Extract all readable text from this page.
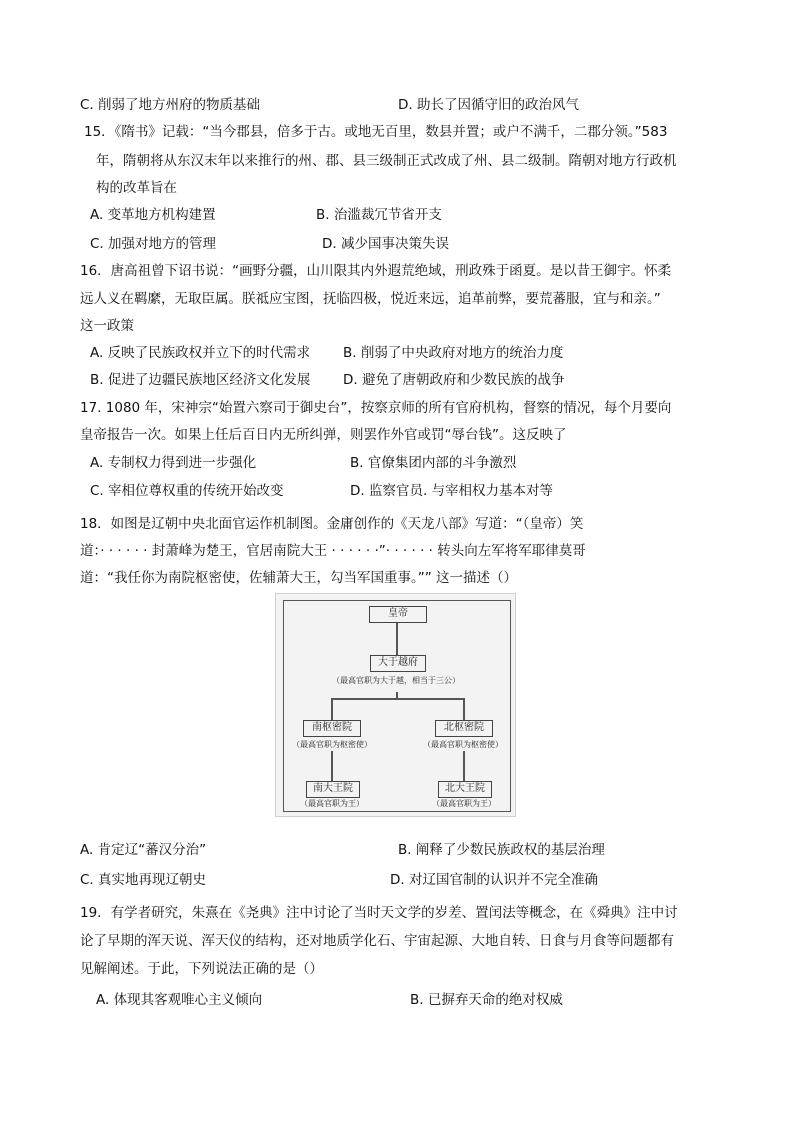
C. 削弱了地方州府的物质基础	D. 助长了因循守旧的政治风气
15．《隋书》记载：“当今郡县，倍多于古。或地无百里，数县并置；或户不满千，二郡分领。”583
年，隋朝将从东汉末年以来推行的州、郡、县三级制正式改成了州、县二级制。隋朝对地方行政机
构的改革旨在
A. 变革地方机构建置	B. 治滥裁冗节省开支
C. 加强对地方的管理	D. 减少国事决策失误
16．唐高祖曾下诏书说：“画野分疆，山川限其内外遐荒绝域，刑政殊于函夏。是以昔王御宇。怀柔
远人义在羁縻，无取臣属。朕祗应宝图，抚临四极，悦近来远，追革前弊，要荒蕃服，宜与和亲。”
这一政策
A. 反映了民族政权并立下的时代需求 B. 削弱了中央政府对地方的统治力度
B. 促进了边疆民族地区经济文化发展 D. 避免了唐朝政府和少数民族的战争
17. 1080 年，宋神宗“始置六察司于御史台”，按察京师的所有官府机构，督察的情况，每个月要向
皇帝报告一次。如果上任后百日内无所纠弹，则罢作外官或罚“辱台钱”。这反映了
A. 专制权力得到进一步强化	B. 官僚集团内部的斗争激烈
C. 宰相位尊权重的传统开始改变	D. 监察官员. 与宰相权力基本对等
18．如图是辽朝中央北面官运作机制图。金庸创作的《天龙八部》写道：“（皇帝）笑
道：· · · · · · 封萧峰为楚王，官居南院大王 · · · · · ·”· · · · · · 转头向左军将军耶律莫哥
道：“我任你为南院枢密使，佐辅萧大王，勾当军国重事。”” 这一描述（）
皇帝
大于越府
（最高官职为大于越，相当于三公）
南枢密院
（最高官职为枢密使）
北枢密院
（最高官职为枢密使）
南大王院
（最高官职为王）
北大王院
（最高官职为王）
A. 肯定辽“蕃汉分治”	B. 阐释了少数民族政权的基层治理
C. 真实地再现辽朝史	D. 对辽国官制的认识并不完全准确
19．有学者研究，朱熹在《尧典》注中讨论了当时天文学的岁差、置闰法等概念，在《舜典》注中讨
论了早期的浑天说、浑天仪的结构，还对地质学化石、宇宙起源、大地自转、日食与月食等问题都有
见解阐述。于此，下列说法正确的是（）
A. 体现其客观唯心主义倾向	B. 已摒弃天命的绝对权威
